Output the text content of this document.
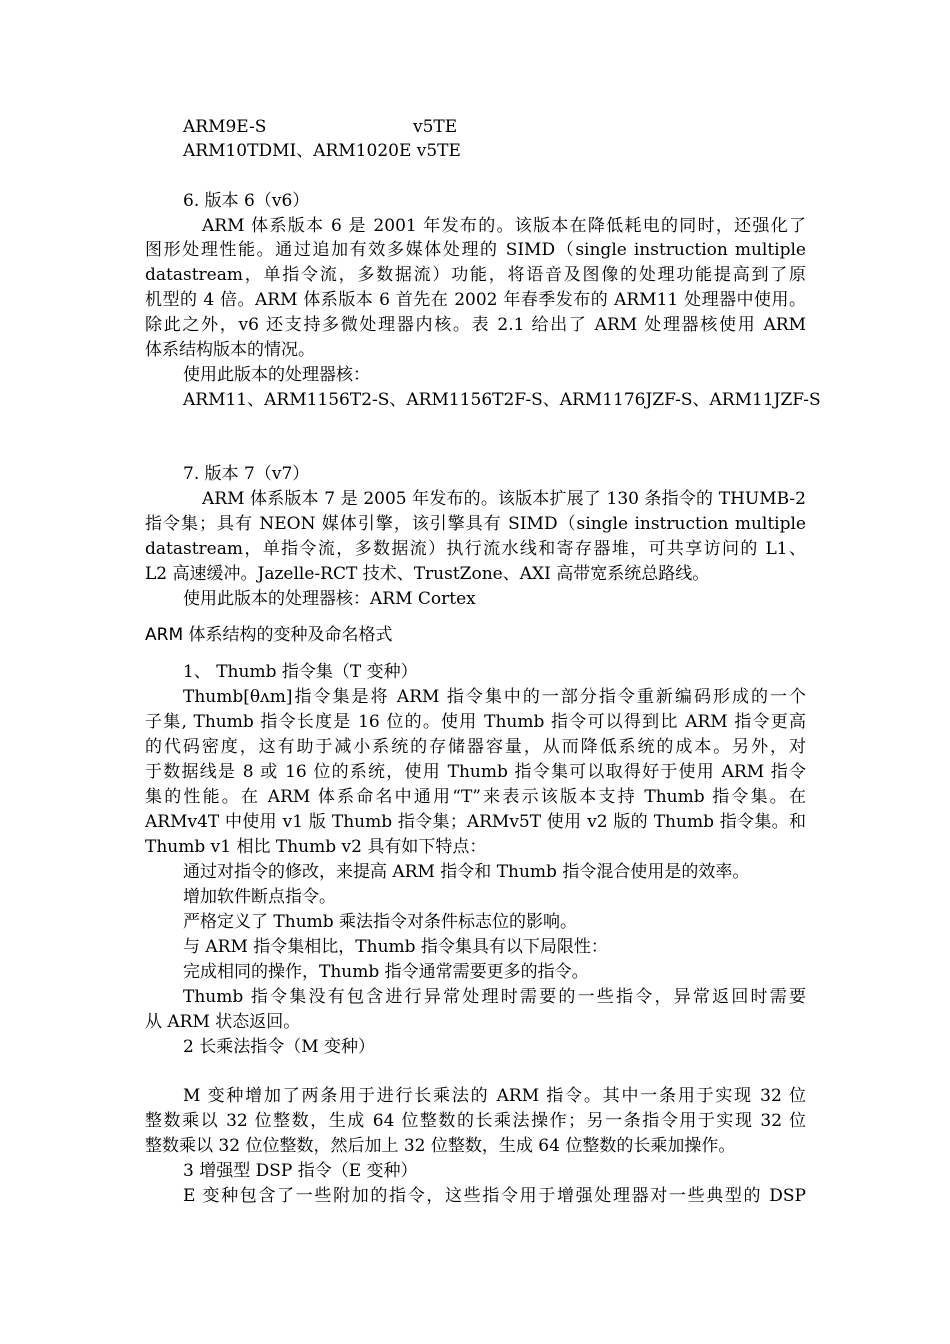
ARM9E-S	v5TE

ARM10TDMI、ARM1020E v5TE

6. 版本 6（v6）

ARM 体系版本 6 是 2001 年发布的。该版本在降低耗电的同时，还强化了

图形处理性能。通过追加有效多媒体处理的 SIMD（single instruction multiple

datastream，单指令流，多数据流）功能，将语音及图像的处理功能提高到了原

机型的 4 倍。ARM 体系版本 6 首先在 2002 年春季发布的 ARM11 处理器中使用。

除此之外，v6 还支持多微处理器内核。表 2.1 给出了 ARM 处理器核使用 ARM

体系结构版本的情况。

使用此版本的处理器核：

ARM11、ARM1156T2-S、ARM1156T2F-S、ARM1176JZF-S、ARM11JZF-S

7. 版本 7（v7）

ARM 体系版本 7 是 2005 年发布的。该版本扩展了 130 条指令的 THUMB-2

指令集；具有 NEON 媒体引擎，该引擎具有 SIMD（single instruction multiple

datastream，单指令流，多数据流）执行流水线和寄存器堆，可共享访问的 L1、

L2 高速缓冲。Jazelle-RCT 技术、TrustZone、AXI 高带宽系统总路线。

使用此版本的处理器核：ARM Cortex

ARM 体系结构的变种及命名格式

1、 Thumb 指令集（T 变种）

Thumb[θʌm]指令集是将 ARM 指令集中的一部分指令重新编码形成的一个

子集, Thumb 指令长度是 16 位的。使用 Thumb 指令可以得到比 ARM 指令更高

的代码密度，这有助于减小系统的存储器容量，从而降低系统的成本。另外，对

于数据线是 8 或 16 位的系统，使用 Thumb 指令集可以取得好于使用 ARM 指令

集的性能。在 ARM 体系命名中通用“T”来表示该版本支持 Thumb 指令集。在

ARMv4T 中使用 v1 版 Thumb 指令集；ARMv5T 使用 v2 版的 Thumb 指令集。和

Thumb v1 相比 Thumb v2 具有如下特点：

通过对指令的修改，来提高 ARM 指令和 Thumb 指令混合使用是的效率。

增加软件断点指令。

严格定义了 Thumb 乘法指令对条件标志位的影响。

与 ARM 指令集相比，Thumb 指令集具有以下局限性：

完成相同的操作，Thumb 指令通常需要更多的指令。

Thumb 指令集没有包含进行异常处理时需要的一些指令，异常返回时需要

从 ARM 状态返回。

2 长乘法指令（M 变种）

M 变种增加了两条用于进行长乘法的 ARM 指令。其中一条用于实现 32 位

整数乘以 32 位整数，生成 64 位整数的长乘法操作；另一条指令用于实现 32 位

整数乘以 32 位位整数，然后加上 32 位整数，生成 64 位整数的长乘加操作。

3 增强型 DSP 指令（E 变种）

E 变种包含了一些附加的指令，这些指令用于增强处理器对一些典型的 DSP
